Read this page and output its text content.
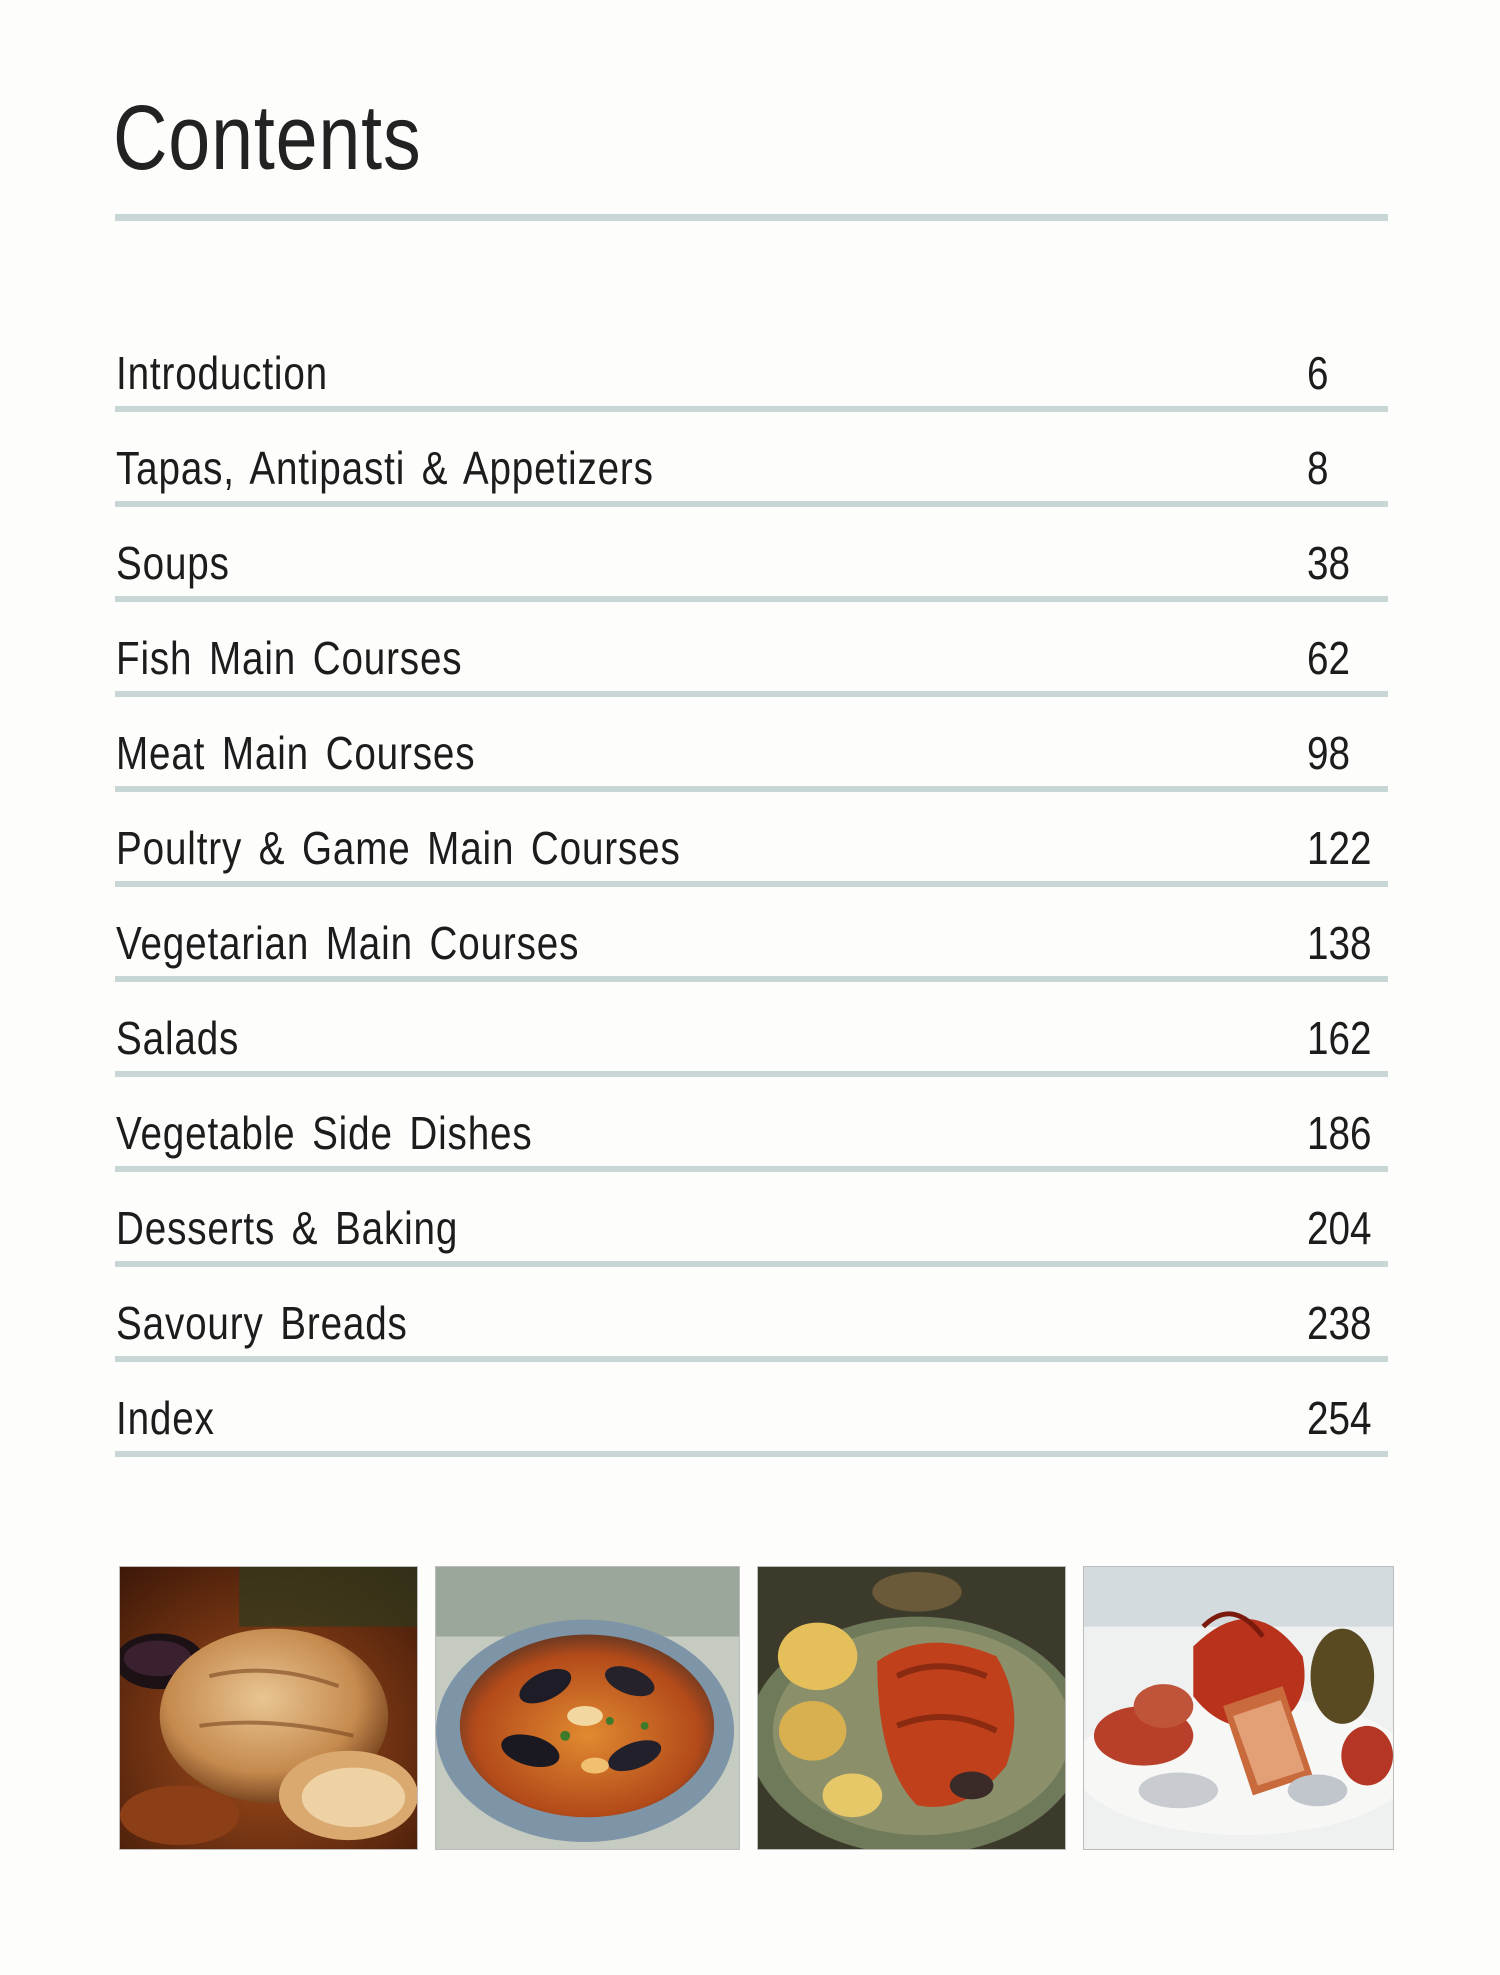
Contents
Introduction	6
Tapas, Antipasti & Appetizers	8
Soups	38
Fish Main Courses	62
Meat Main Courses	98
Poultry & Game Main Courses	122
Vegetarian Main Courses	138
Salads	162
Vegetable Side Dishes	186
Desserts & Baking	204
Savoury Breads	238
Index	254
